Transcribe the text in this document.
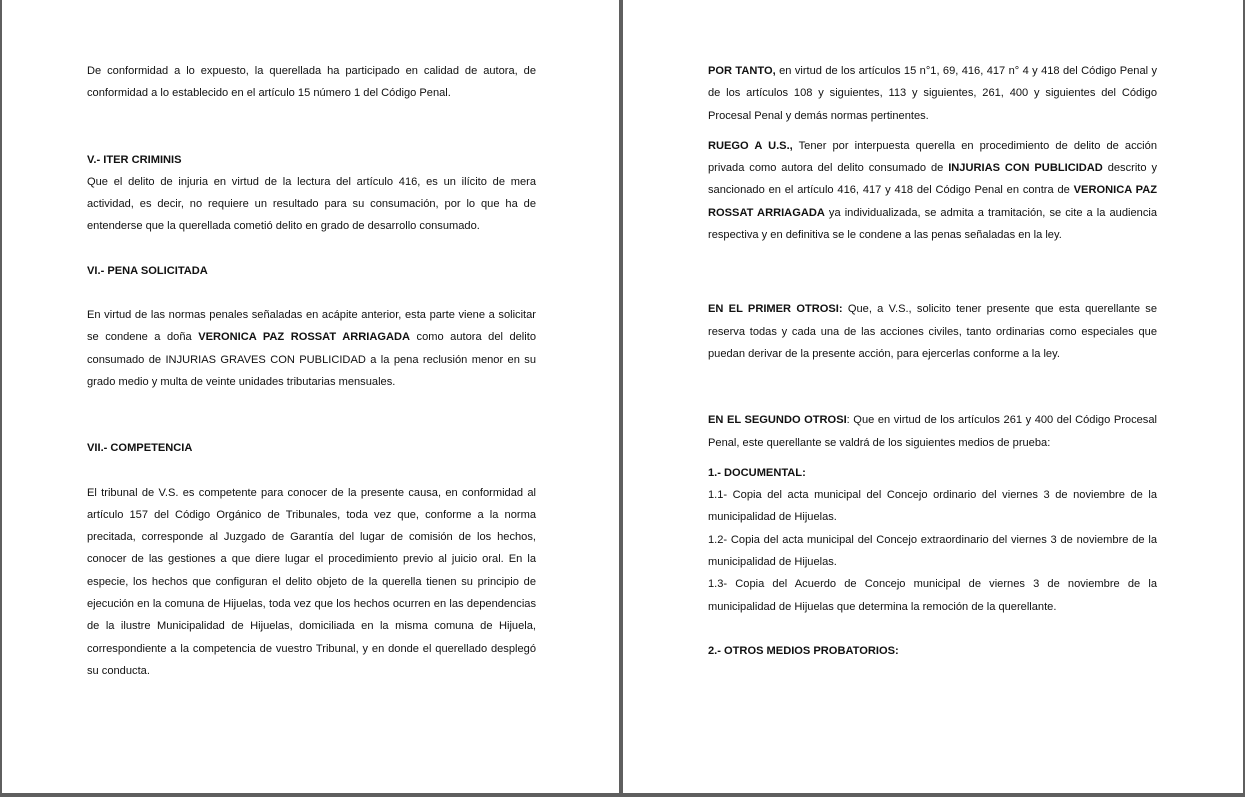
De conformidad a lo expuesto, la querellada ha participado en calidad de autora, de conformidad a lo establecido en el artículo 15 número 1 del Código Penal.

V.- ITER CRIMINIS

Que el delito de injuria en virtud de la lectura del artículo 416, es un ilícito de mera actividad, es decir, no requiere un resultado para su consumación, por lo que ha de entenderse que la querellada cometió delito en grado de desarrollo consumado.

VI.- PENA SOLICITADA

En virtud de las normas penales señaladas en acápite anterior, esta parte viene a solicitar se condene a doña VERONICA PAZ ROSSAT ARRIAGADA como autora del delito consumado de INJURIAS GRAVES CON PUBLICIDAD a la pena reclusión menor en su grado medio y multa de veinte unidades tributarias mensuales.

VII.- COMPETENCIA

El tribunal de V.S. es competente para conocer de la presente causa, en conformidad al artículo 157 del Código Orgánico de Tribunales, toda vez que, conforme a la norma precitada, corresponde al Juzgado de Garantía del lugar de comisión de los hechos, conocer de las gestiones a que diere lugar el procedimiento previo al juicio oral. En la especie, los hechos que configuran el delito objeto de la querella tienen su principio de ejecución en la comuna de Hijuelas, toda vez que los hechos ocurren en las dependencias de la ilustre Municipalidad de Hijuelas, domiciliada en la misma comuna de Hijuela, correspondiente a la competencia de vuestro Tribunal, y en donde el querellado desplegó su conducta.

POR TANTO, en virtud de los artículos 15 n°1, 69, 416, 417 n° 4 y 418 del Código Penal y de los artículos 108 y siguientes, 113 y siguientes, 261, 400 y siguientes del Código Procesal Penal y demás normas pertinentes.

RUEGO A U.S., Tener por interpuesta querella en procedimiento de delito de acción privada como autora del delito consumado de INJURIAS CON PUBLICIDAD descrito y sancionado en el artículo 416, 417 y 418 del Código Penal en contra de VERONICA PAZ ROSSAT ARRIAGADA ya individualizada, se admita a tramitación, se cite a la audiencia respectiva y en definitiva se le condene a las penas señaladas en la ley.

EN EL PRIMER OTROSI: Que, a V.S., solicito tener presente que esta querellante se reserva todas y cada una de las acciones civiles, tanto ordinarias como especiales que puedan derivar de la presente acción, para ejercerlas conforme a la ley.

EN EL SEGUNDO OTROSI: Que en virtud de los artículos 261 y 400 del Código Procesal Penal, este querellante se valdrá de los siguientes medios de prueba:

1.- DOCUMENTAL:

1.1- Copia del acta municipal del Concejo ordinario del viernes 3 de noviembre de la municipalidad de Hijuelas.

1.2- Copia del acta municipal del Concejo extraordinario del viernes 3 de noviembre de la municipalidad de Hijuelas.

1.3- Copia del Acuerdo de Concejo municipal de viernes 3 de noviembre de la municipalidad de Hijuelas que determina la remoción de la querellante.

2.- OTROS MEDIOS PROBATORIOS:
